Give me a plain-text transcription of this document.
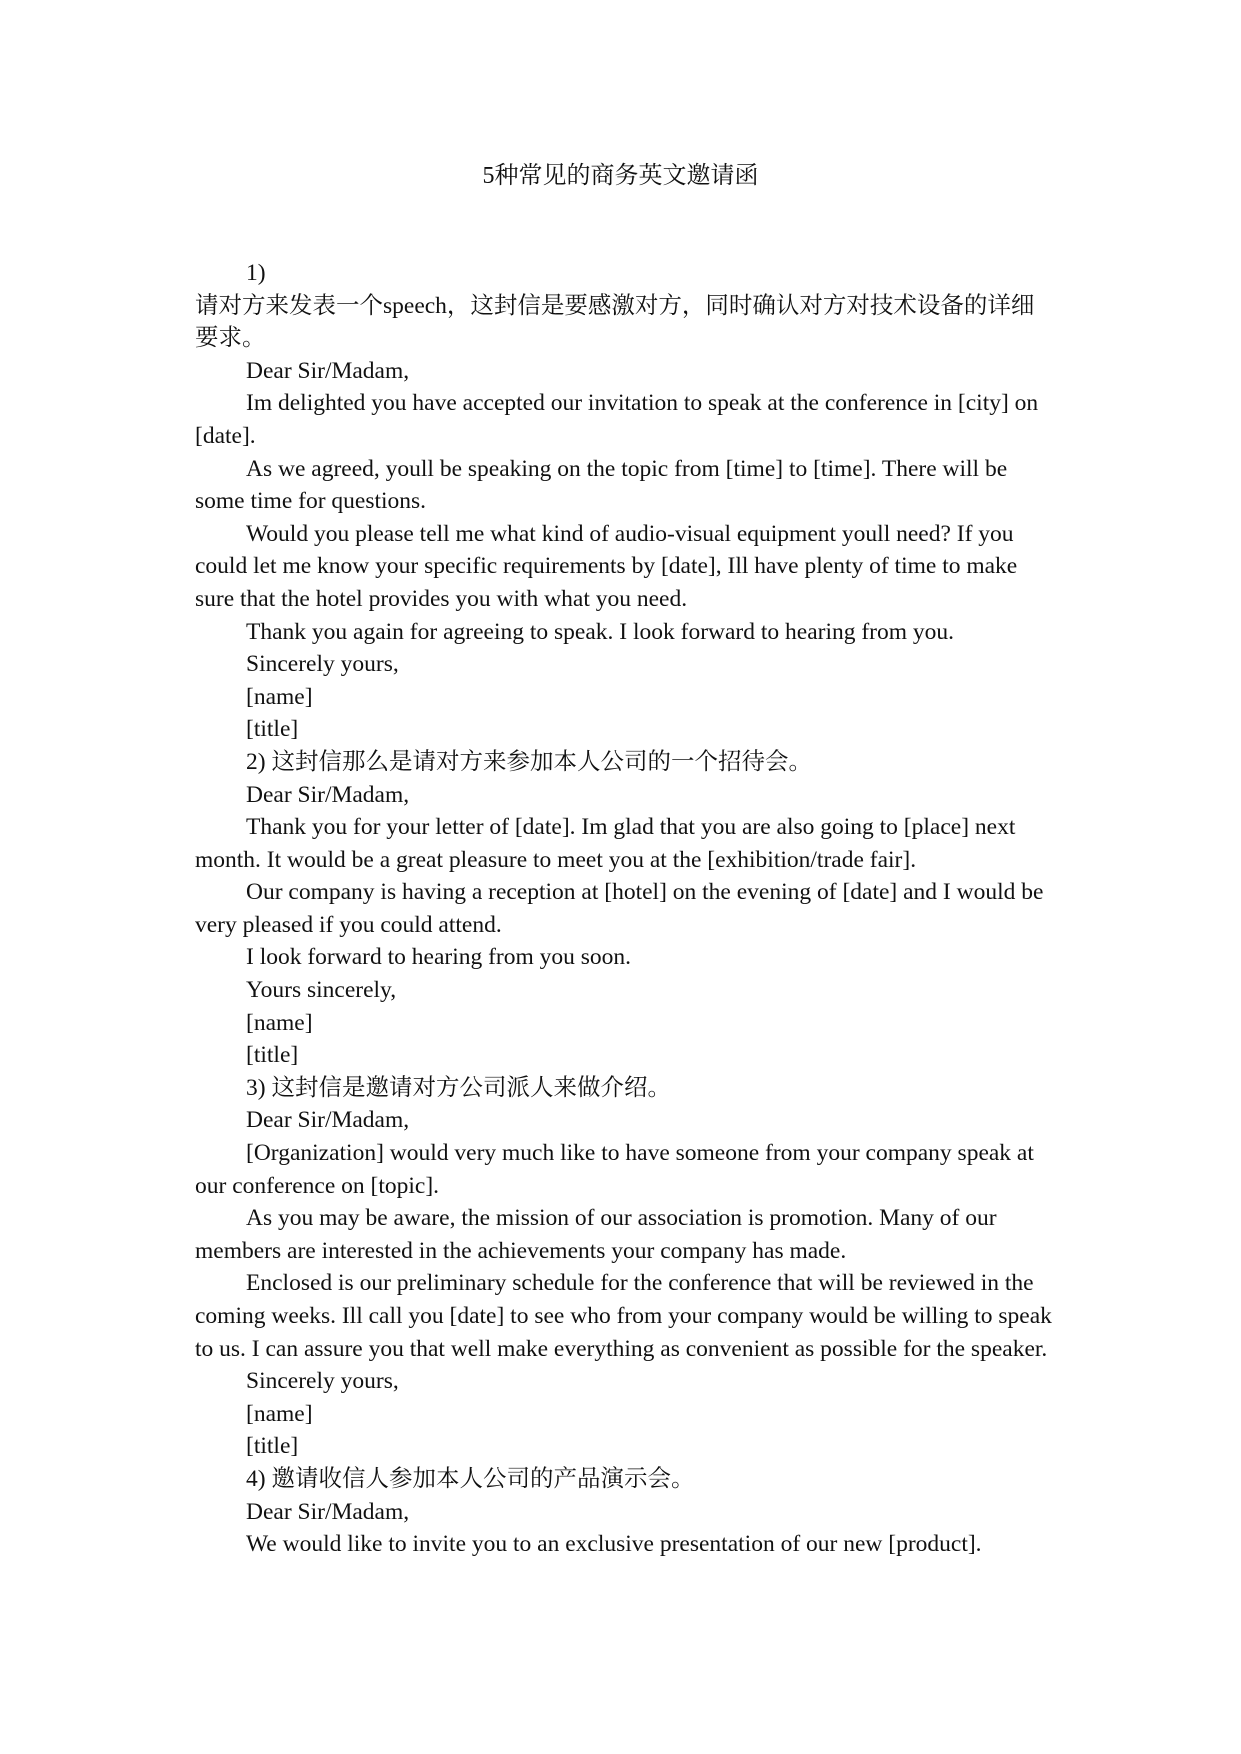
5种常见的商务英文邀请函

1)

请对方来发表一个speech，这封信是要感激对方，同时确认对方对技术设备的详细要求。

Dear Sir/Madam,

Im delighted you have accepted our invitation to speak at the conference in [city] on [date].

As we agreed, youll be speaking on the topic from [time] to [time]. There will be some time for questions.

Would you please tell me what kind of audio-visual equipment youll need? If you could let me know your specific requirements by [date], Ill have plenty of time to make sure that the hotel provides you with what you need.

Thank you again for agreeing to speak. I look forward to hearing from you.

Sincerely yours,

[name]

[title]

2) 这封信那么是请对方来参加本人公司的一个招待会。

Dear Sir/Madam,

Thank you for your letter of [date]. Im glad that you are also going to [place] next month. It would be a great pleasure to meet you at the [exhibition/trade fair].

Our company is having a reception at [hotel] on the evening of [date] and I would be very pleased if you could attend.

I look forward to hearing from you soon.

Yours sincerely,

[name]

[title]

3) 这封信是邀请对方公司派人来做介绍。

Dear Sir/Madam,

[Organization] would very much like to have someone from your company speak at our conference on [topic].

As you may be aware, the mission of our association is promotion. Many of our members are interested in the achievements your company has made.

Enclosed is our preliminary schedule for the conference that will be reviewed in the coming weeks. Ill call you [date] to see who from your company would be willing to speak to us. I can assure you that well make everything as convenient as possible for the speaker.

Sincerely yours,

[name]

[title]

4) 邀请收信人参加本人公司的产品演示会。

Dear Sir/Madam,

We would like to invite you to an exclusive presentation of our new [product].
